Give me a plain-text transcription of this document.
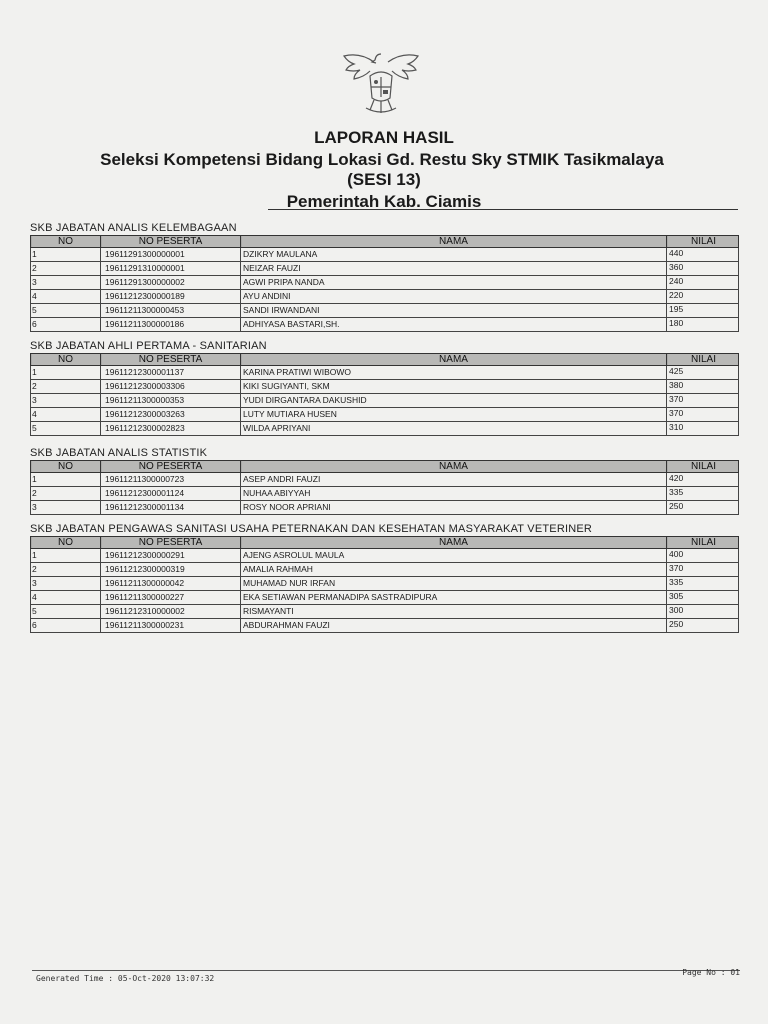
LAPORAN HASIL
Seleksi Kompetensi Bidang Lokasi Gd. Restu Sky STMIK Tasikmalaya
(SESI 13)
Pemerintah Kab. Ciamis
SKB JABATAN ANALIS KELEMBAGAAN
NO	NO PESERTA	NAMA	NILAI
1	19611291300000001	DZIKRY MAULANA	440
2	19611291310000001	NEIZAR FAUZI	360
3	19611291300000002	AGWI PRIPA NANDA	240
4	19611212300000189	AYU ANDINI	220
5	19611211300000453	SANDI IRWANDANI	195
6	19611211300000186	ADHIYASA BASTARI,SH.	180
SKB JABATAN AHLI PERTAMA - SANITARIAN
NO	NO PESERTA	NAMA	NILAI
1	19611212300001137	KARINA PRATIWI WIBOWO	425
2	19611212300003306	KIKI SUGIYANTI, SKM	380
3	19611211300000353	YUDI DIRGANTARA DAKUSHID	370
4	19611212300003263	LUTY MUTIARA HUSEN	370
5	19611212300002823	WILDA APRIYANI	310
SKB JABATAN ANALIS STATISTIK
NO	NO PESERTA	NAMA	NILAI
1	19611211300000723	ASEP ANDRI FAUZI	420
2	19611212300001124	NUHAA ABIYYAH	335
3	19611212300001134	ROSY NOOR APRIANI	250
SKB JABATAN PENGAWAS SANITASI USAHA PETERNAKAN DAN KESEHATAN MASYARAKAT VETERINER
NO	NO PESERTA	NAMA	NILAI
1	19611212300000291	AJENG ASROLUL MAULA	400
2	19611212300000319	AMALIA RAHMAH	370
3	19611211300000042	MUHAMAD NUR IRFAN	335
4	19611211300000227	EKA SETIAWAN PERMANADIPA SASTRADIPURA	305
5	19611212310000002	RISMAYANTI	300
6	19611211300000231	ABDURAHMAN FAUZI	250
Generated Time : 05-Oct-2020 13:07:32
Page No : 01
